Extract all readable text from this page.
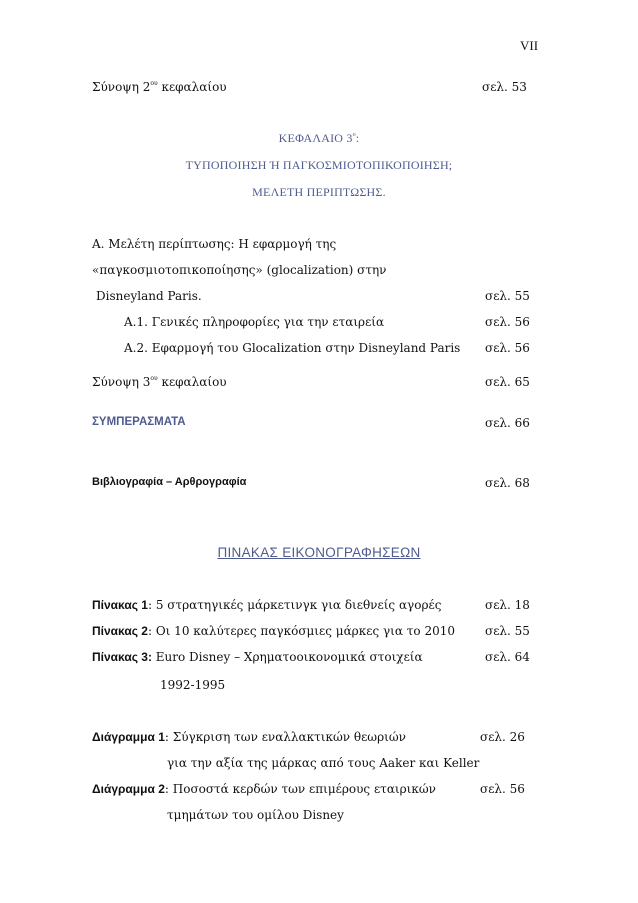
VII
Σύνοψη $2^{o\upsilon}$ κεφαλαίου	σελ. 53
ΚΕΦΑΛΑΙΟ $3^o$:
ΤΥΠΟΠΟΙΗΣΗ Ή ΠΑΓΚΟΣΜΙΟΤΟΠΙΚΟΠΟΙΗΣΗ;
ΜΕΛΕΤΗ ΠΕΡΙΠΤΩΣΗΣ.
Α. Μελέτη περίπτωσης: Η εφαρμογή της
«παγκοσμιοτοπικοποίησης» (glocalization) στην
Disneyland Paris.	σελ. 55
Α.1. Γενικές πληροφορίες για την εταιρεία	σελ. 56
Α.2. Εφαρμογή του Glocalization στην Disneyland Paris σελ. 56
Σύνοψη $3^{o\upsilon}$ κεφαλαίου	σελ. 65
ΣΥΜΠΕΡΑΣΜΑΤΑ	σελ. 66
Βιβλιογραφία – Αρθρογραφία	σελ. 68
ΠΙΝΑΚΑΣ ΕΙΚΟΝΟΓΡΑΦΗΣΕΩΝ
Πίνακας 1: 5 στρατηγικές μάρκετινγκ για διεθνείς αγορές	σελ. 18
Πίνακας 2: Οι 10 καλύτερες παγκόσμιες μάρκες για το 2010	σελ. 55
Πίνακας 3: Euro Disney – Χρηματοοικονομικά στοιχεία	σελ. 64
1992-1995
Διάγραμμα 1: Σύγκριση των εναλλακτικών θεωριών	σελ. 26
για την αξία της μάρκας από τους Aaker και Keller
Διάγραμμα 2: Ποσοστά κερδών των επιμέρους εταιρικών	σελ. 56
τμημάτων του ομίλου Disney
